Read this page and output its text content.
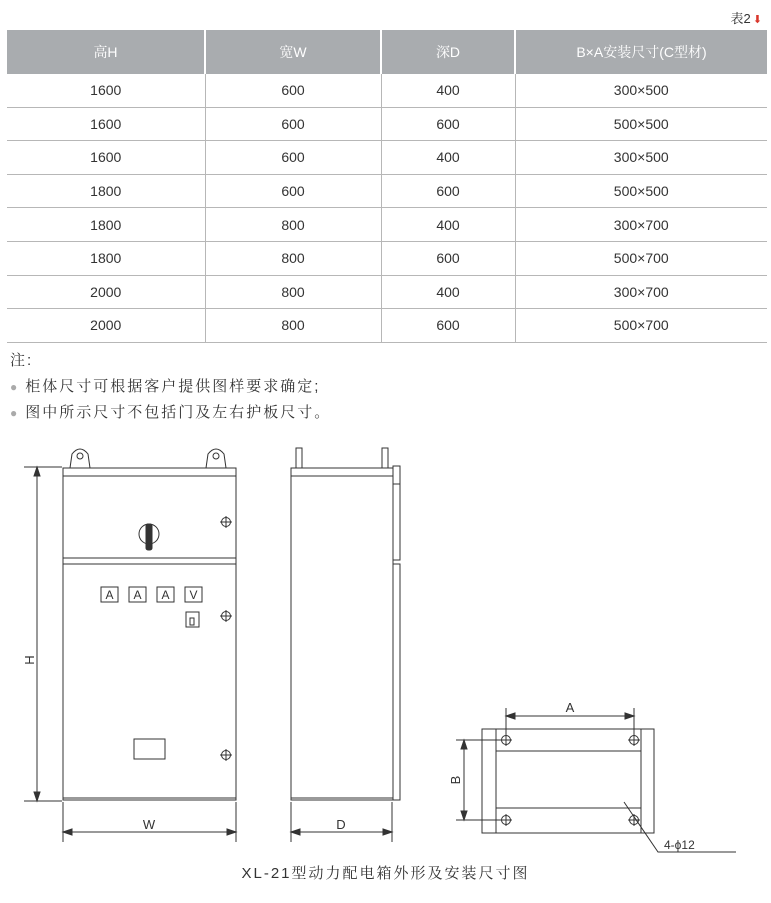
表2 ⬇
高H	宽W	深D	B×A安装尺寸(C型材)
1600	600	400	300×500
1600	600	600	500×500
1600	600	400	300×500
1800	600	600	500×500
1800	800	400	300×700
1800	800	600	500×700
2000	800	400	300×700
2000	800	600	500×700
注:
● 柜体尺寸可根据客户提供图样要求确定;
● 图中所示尺寸不包括门及左右护板尺寸。
A A A V
H
W	D
A
B
4-ϕ12
XL-21型动力配电箱外形及安装尺寸图
